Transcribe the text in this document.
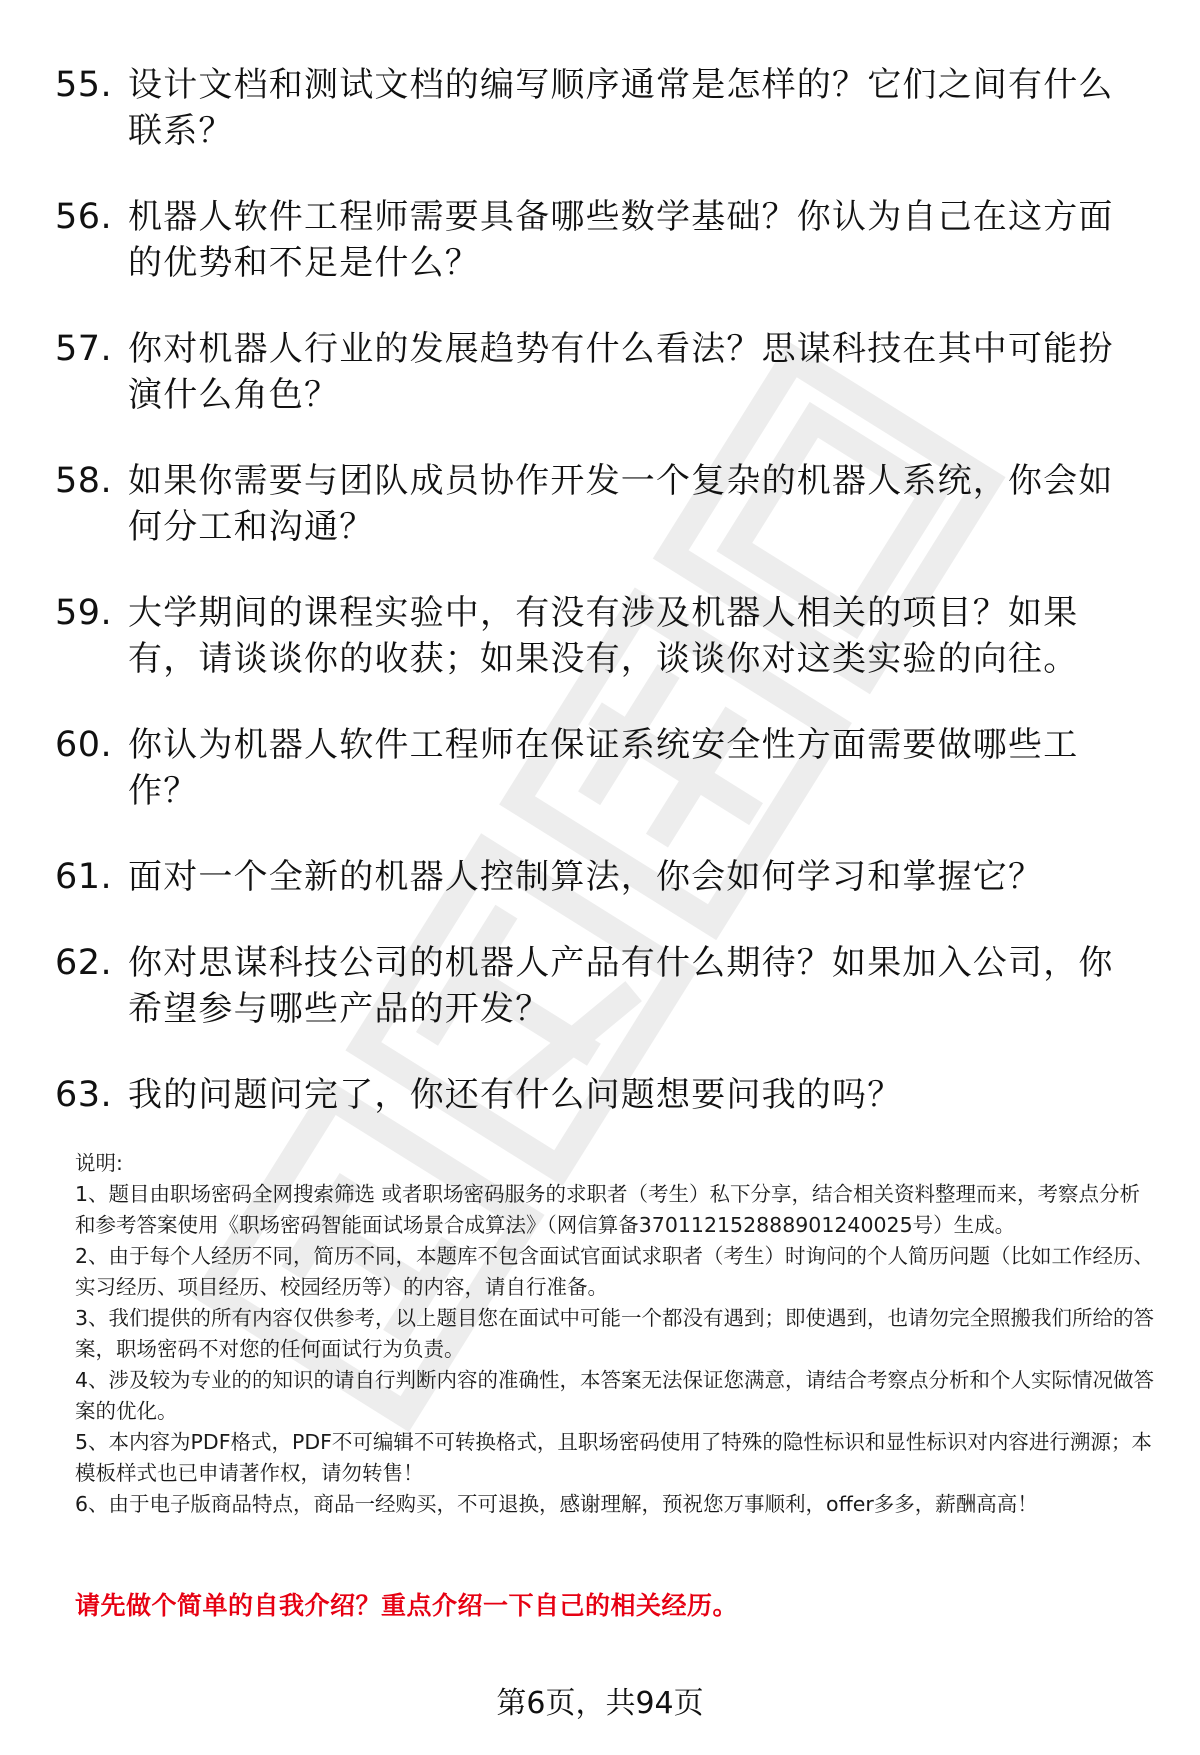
55. 设计文档和测试文档的编写顺序通常是怎样的？它们之间有什么联系？
56. 机器人软件工程师需要具备哪些数学基础？你认为自己在这方面的优势和不足是什么？
57. 你对机器人行业的发展趋势有什么看法？思谋科技在其中可能扮演什么角色？
58. 如果你需要与团队成员协作开发一个复杂的机器人系统，你会如何分工和沟通？
59. 大学期间的课程实验中，有没有涉及机器人相关的项目？如果有，请谈谈你的收获；如果没有，谈谈你对这类实验的向往。
60. 你认为机器人软件工程师在保证系统安全性方面需要做哪些工作？
61. 面对一个全新的机器人控制算法，你会如何学习和掌握它？
62. 你对思谋科技公司的机器人产品有什么期待？如果加入公司，你希望参与哪些产品的开发？
63. 我的问题问完了，你还有什么问题想要问我的吗？

说明:

1、题目由职场密码全网搜索筛选 或者职场密码服务的求职者（考生）私下分享，结合相关资料整理而来，考察点分析和参考答案使用《职场密码智能面试场景合成算法》（网信算备370112152888901240025号）生成。

2、由于每个人经历不同，简历不同，本题库不包含面试官面试求职者（考生）时询问的个人简历问题（比如工作经历、实习经历、项目经历、校园经历等）的内容，请自行准备。

3、我们提供的所有内容仅供参考，以上题目您在面试中可能一个都没有遇到；即使遇到，也请勿完全照搬我们所给的答案，职场密码不对您的任何面试行为负责。

4、涉及较为专业的的知识的请自行判断内容的准确性，本答案无法保证您满意，请结合考察点分析和个人实际情况做答案的优化。

5、本内容为PDF格式，PDF不可编辑不可转换格式，且职场密码使用了特殊的隐性标识和显性标识对内容进行溯源；本模板样式也已申请著作权，请勿转售！

6、由于电子版商品特点，商品一经购买，不可退换，感谢理解，预祝您万事顺利，offer多多，薪酬高高！

请先做个简单的自我介绍？重点介绍一下自己的相关经历。
第6页，共94页
